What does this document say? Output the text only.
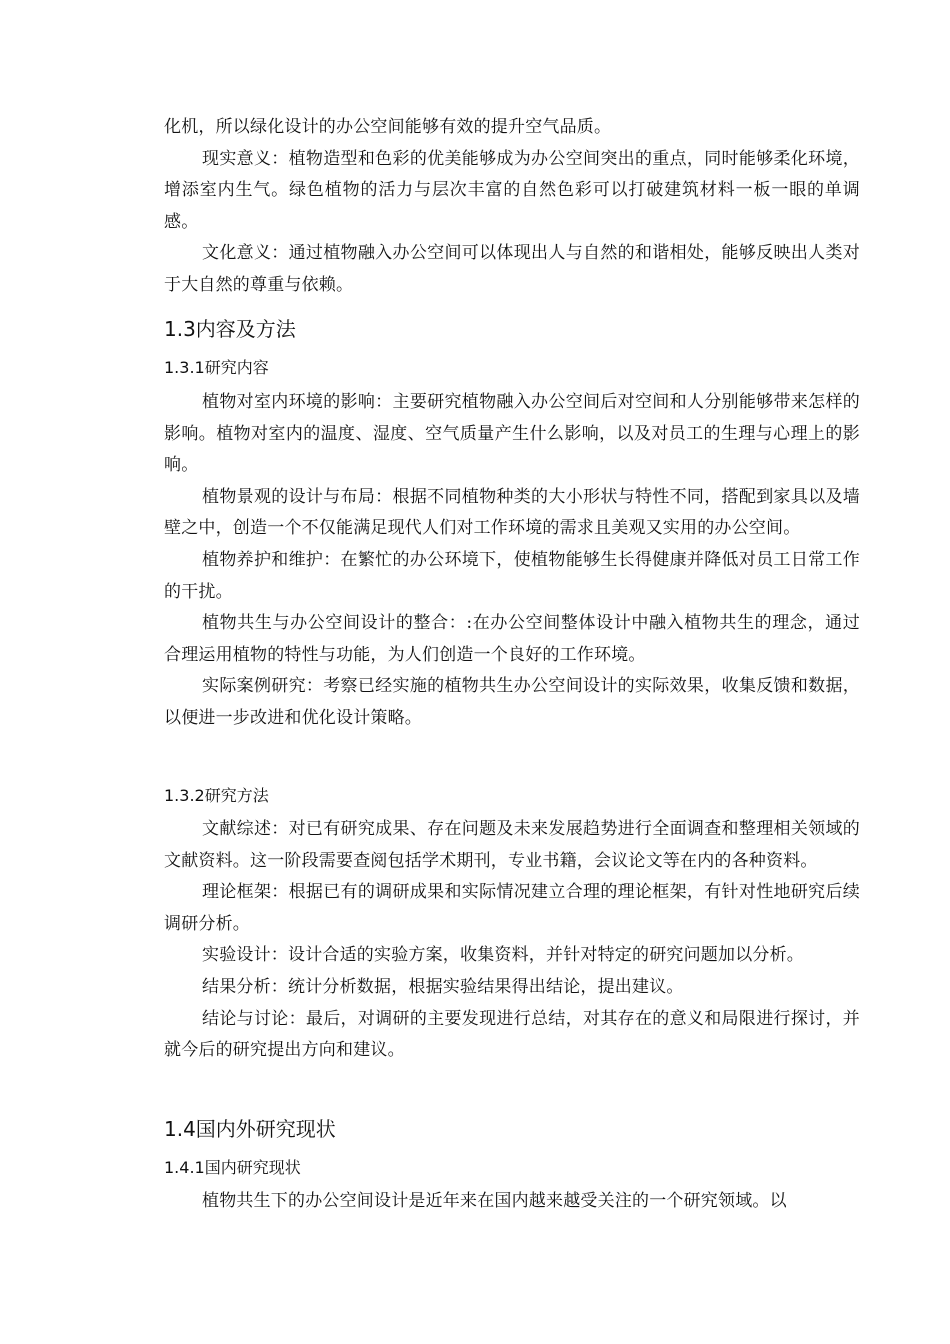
化机，所以绿化设计的办公空间能够有效的提升空气品质。

现实意义：植物造型和色彩的优美能够成为办公空间突出的重点，同时能够柔化环境，增添室内生气。绿色植物的活力与层次丰富的自然色彩可以打破建筑材料一板一眼的单调感。

文化意义：通过植物融入办公空间可以体现出人与自然的和谐相处，能够反映出人类对于大自然的尊重与依赖。

1.3内容及方法
1.3.1研究内容

植物对室内环境的影响：主要研究植物融入办公空间后对空间和人分别能够带来怎样的影响。植物对室内的温度、湿度、空气质量产生什么影响，以及对员工的生理与心理上的影响。

植物景观的设计与布局：根据不同植物种类的大小形状与特性不同，搭配到家具以及墙壁之中，创造一个不仅能满足现代人们对工作环境的需求且美观又实用的办公空间。

植物养护和维护：在繁忙的办公环境下，使植物能够生长得健康并降低对员工日常工作的干扰。

植物共生与办公空间设计的整合：:在办公空间整体设计中融入植物共生的理念，通过合理运用植物的特性与功能，为人们创造一个良好的工作环境。

实际案例研究：考察已经实施的植物共生办公空间设计的实际效果，收集反馈和数据，以便进一步改进和优化设计策略。

1.3.2研究方法

文献综述：对已有研究成果、存在问题及未来发展趋势进行全面调查和整理相关领域的文献资料。这一阶段需要查阅包括学术期刊，专业书籍，会议论文等在内的各种资料。

理论框架：根据已有的调研成果和实际情况建立合理的理论框架，有针对性地研究后续调研分析。

实验设计：设计合适的实验方案，收集资料，并针对特定的研究问题加以分析。

结果分析：统计分析数据，根据实验结果得出结论，提出建议。

结论与讨论：最后，对调研的主要发现进行总结，对其存在的意义和局限进行探讨，并就今后的研究提出方向和建议。

1.4国内外研究现状
1.4.1国内研究现状

植物共生下的办公空间设计是近年来在国内越来越受关注的一个研究领域。以
